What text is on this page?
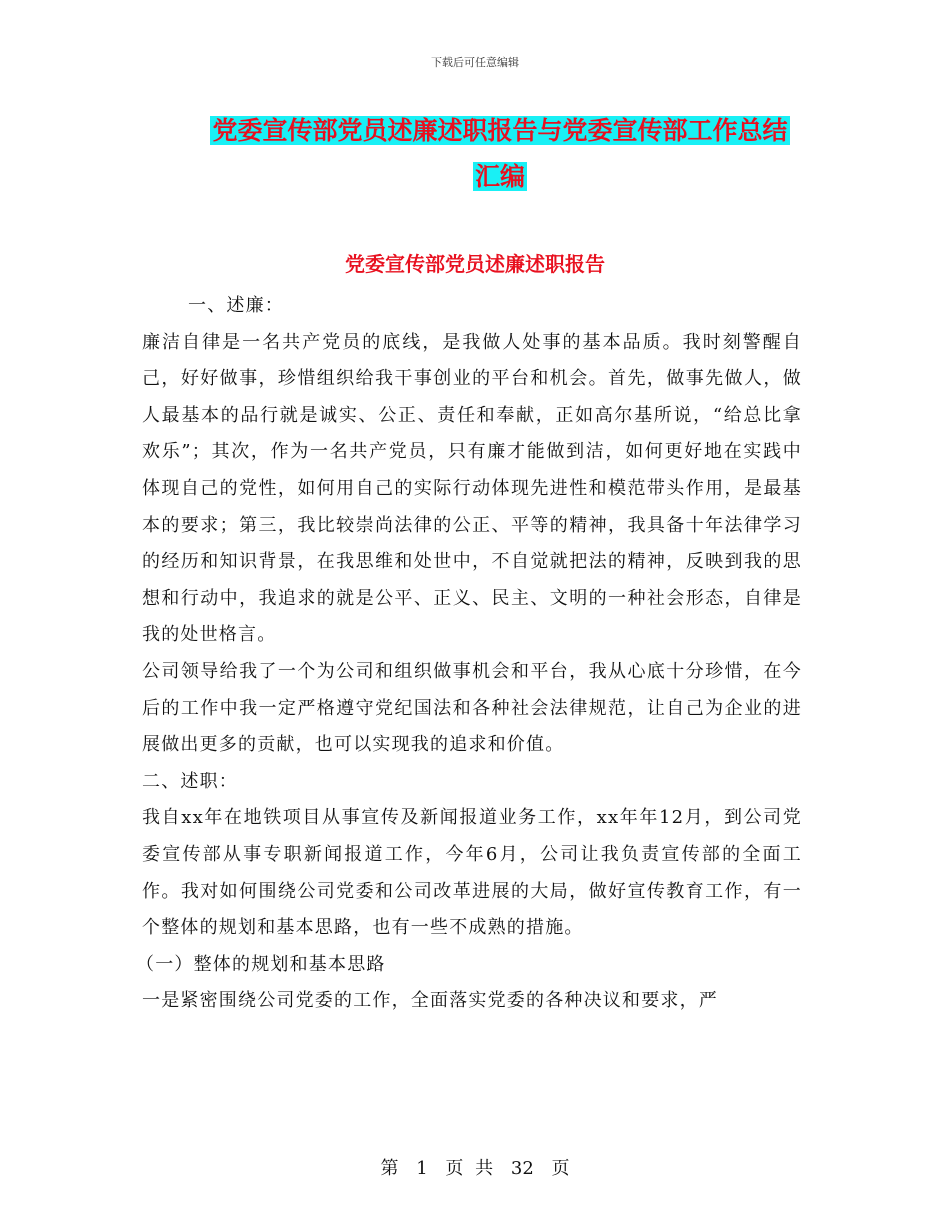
下载后可任意编辑
党委宣传部党员述廉述职报告与党委宣传部工作总结
汇编
党委宣传部党员述廉述职报告

一、述廉：

廉洁自律是一名共产党员的底线，是我做人处事的基本品质。我时刻警醒自己，好好做事，珍惜组织给我干事创业的平台和机会。首先，做事先做人，做人最基本的品行就是诚实、公正、责任和奉献，正如高尔基所说，“给总比拿欢乐”；其次，作为一名共产党员，只有廉才能做到洁，如何更好地在实践中体现自己的党性，如何用自己的实际行动体现先进性和模范带头作用，是最基本的要求；第三，我比较崇尚法律的公正、平等的精神，我具备十年法律学习的经历和知识背景，在我思维和处世中，不自觉就把法的精神，反映到我的思想和行动中，我追求的就是公平、正义、民主、文明的一种社会形态，自律是我的处世格言。

公司领导给我了一个为公司和组织做事机会和平台，我从心底十分珍惜，在今后的工作中我一定严格遵守党纪国法和各种社会法律规范，让自己为企业的进展做出更多的贡献，也可以实现我的追求和价值。

二、述职：

我自xx年在地铁项目从事宣传及新闻报道业务工作，xx年年12月，到公司党委宣传部从事专职新闻报道工作，今年6月，公司让我负责宣传部的全面工作。我对如何围绕公司党委和公司改革进展的大局，做好宣传教育工作，有一个整体的规划和基本思路，也有一些不成熟的措施。

（一）整体的规划和基本思路

一是紧密围绕公司党委的工作，全面落实党委的各种决议和要求，严

第 1 页 共 32 页
